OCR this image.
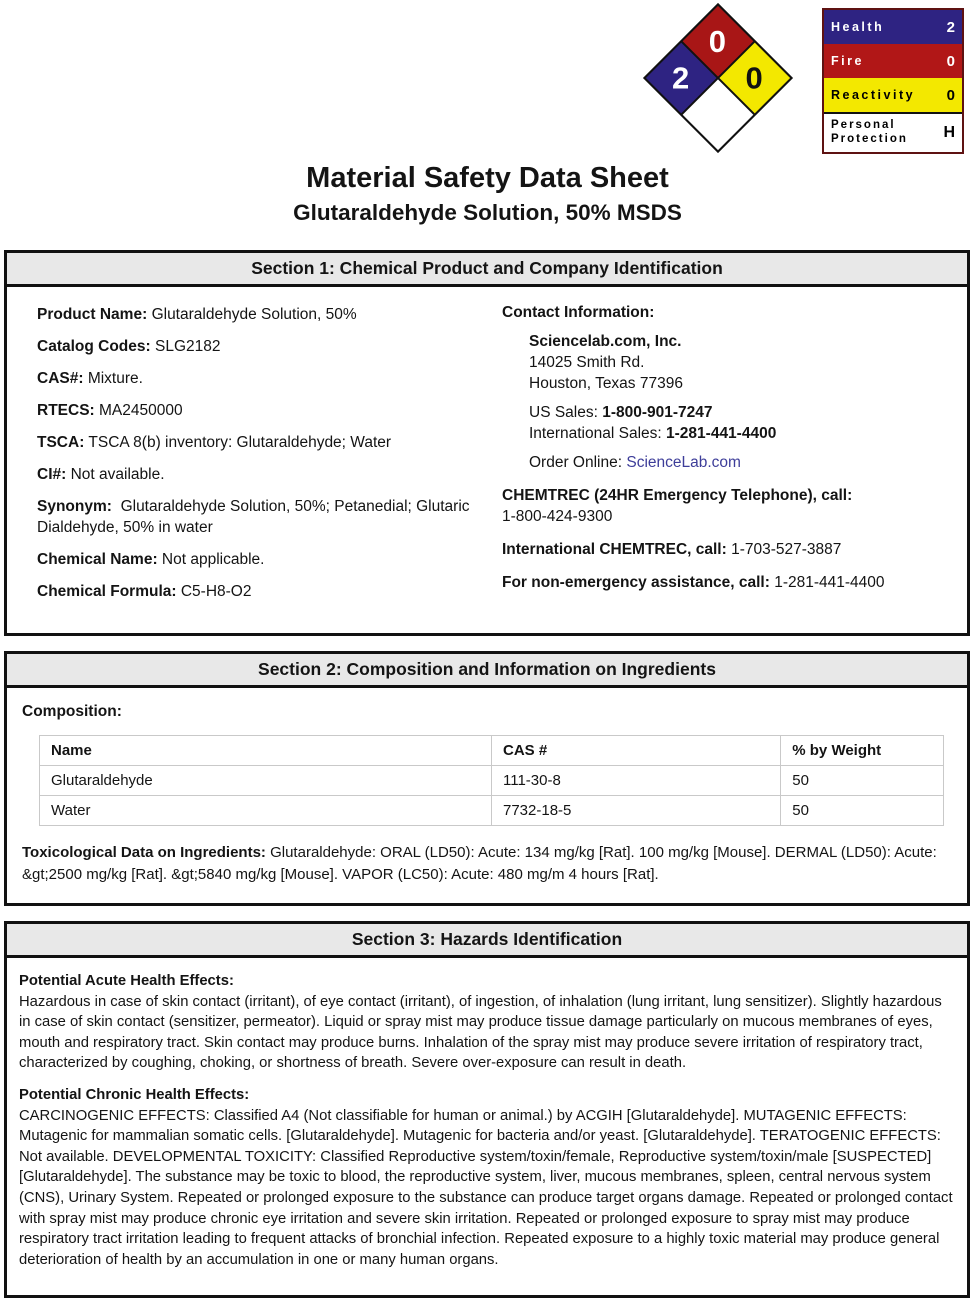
0
0
2
Health	2
Fire	0
Reactivity 0
Personal Protection	H
Material Safety Data Sheet
Glutaraldehyde Solution, 50% MSDS
Section 1: Chemical Product and Company Identification
Product Name: Glutaraldehyde Solution, 50%
Catalog Codes: SLG2182
CAS#: Mixture.
RTECS: MA2450000
TSCA: TSCA 8(b) inventory: Glutaraldehyde; Water
CI#: Not available.
Synonym: Glutaraldehyde Solution, 50%; Petanedial; Glutaric Dialdehyde, 50% in water
Chemical Name: Not applicable.
Chemical Formula: C5-H8-O2
Contact Information:
Sciencelab.com, Inc.
14025 Smith Rd.
Houston, Texas 77396
US Sales: 1-800-901-7247
International Sales: 1-281-441-4400
Order Online: ScienceLab.com
CHEMTREC (24HR Emergency Telephone), call:
1-800-424-9300
International CHEMTREC, call: 1-703-527-3887
For non-emergency assistance, call: 1-281-441-4400
Section 2: Composition and Information on Ingredients
Composition:
Name	CAS #	% by Weight
Glutaraldehyde	111-30-8	50
Water	7732-18-5	50
Toxicological Data on Ingredients: Glutaraldehyde: ORAL (LD50): Acute: 134 mg/kg [Rat]. 100 mg/kg [Mouse]. DERMAL (LD50): Acute: &gt;2500 mg/kg [Rat]. &gt;5840 mg/kg [Mouse]. VAPOR (LC50): Acute: 480 mg/m 4 hours [Rat].
Section 3: Hazards Identification
Potential Acute Health Effects:
Hazardous in case of skin contact (irritant), of eye contact (irritant), of ingestion, of inhalation (lung irritant, lung sensitizer). Slightly hazardous in case of skin contact (sensitizer, permeator). Liquid or spray mist may produce tissue damage particularly on mucous membranes of eyes, mouth and respiratory tract. Skin contact may produce burns. Inhalation of the spray mist may produce severe irritation of respiratory tract, characterized by coughing, choking, or shortness of breath. Severe over-exposure can result in death.
Potential Chronic Health Effects:
CARCINOGENIC EFFECTS: Classified A4 (Not classifiable for human or animal.) by ACGIH [Glutaraldehyde]. MUTAGENIC EFFECTS: Mutagenic for mammalian somatic cells. [Glutaraldehyde]. Mutagenic for bacteria and/or yeast. [Glutaraldehyde]. TERATOGENIC EFFECTS: Not available. DEVELOPMENTAL TOXICITY: Classified Reproductive system/toxin/female, Reproductive system/toxin/male [SUSPECTED] [Glutaraldehyde]. The substance may be toxic to blood, the reproductive system, liver, mucous membranes, spleen, central nervous system (CNS), Urinary System. Repeated or prolonged exposure to the substance can produce target organs damage. Repeated or prolonged contact with spray mist may produce chronic eye irritation and severe skin irritation. Repeated or prolonged exposure to spray mist may produce respiratory tract irritation leading to frequent attacks of bronchial infection. Repeated exposure to a highly toxic material may produce general deterioration of health by an accumulation in one or many human organs.
